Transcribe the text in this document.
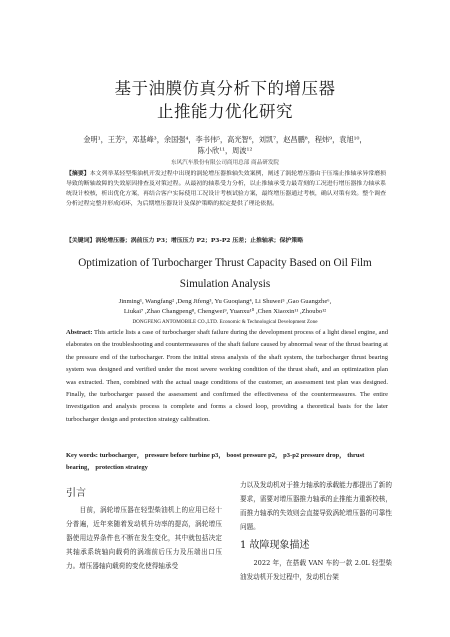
基于油膜仿真分析下的增压器
止推能力优化研究
金明¹，王芳²，邓基峰³，余国强⁴，李书伟⁵，高光智⁶，刘凯⁷，赵昌鹏⁸，程炜⁹，袁旭¹⁰，
陈小欣¹¹，周波¹²
东风汽车股份有限公司商用总部 商品研发院
【摘要】本文列举某轻型柴油机开发过程中出现的涡轮增压器推轴失效案例，阐述了涡轮增压器由于压端止推轴承异常磨损导致的断轴故障的失效原因排查及对策过程。从最初的轴系受力分析，以止推轴承受力最苛刻的工况进行增压器推力轴承系统设计校核，析出优化方案，再结合客户实际使用工况设计考核试验方案，最终增压器通过考核，确认对策有效。整个调查分析过程完整并形成闭环，为后期增压器设计及保护策略的拟定提供了理论依据。
【关键词】涡轮增压器；涡前压力 P3；增压压力 P2；P3-P2 压差；止推轴承；保护策略
Optimization of Turbocharger Thrust Capacity Based on Oil Film
Simulation Analysis
Jinming¹, Wangfang² ,Deng Jifeng³, Yu Guoqiang⁴, Li Shuwei⁵ ,Gao Guangzhe⁶,
Liukai⁷ ,Zhao Changpeng⁸, Chengwei⁹, Yuanxu¹⁰ ,Chen Xiaoxin¹¹ ,Zhoubo¹²
DONGFENG ANTOMOBILE CO.,LTD. Economic & Technological Development Zone
Abstract: This article lists a case of turbocharger shaft failure during the development process of a light diesel engine, and elaborates on the troubleshooting and countermeasures of the shaft failure caused by abnormal wear of the thrust bearing at the pressure end of the turbocharger. From the initial stress analysis of the shaft system, the turbocharger thrust bearing system was designed and verified under the most severe working condition of the thrust shaft, and an optimization plan was extracted. Then, combined with the actual usage conditions of the customer, an assessment test plan was designed. Finally, the turbocharger passed the assessment and confirmed the effectiveness of the countermeasures. The entire investigation and analysis process is complete and forms a closed loop, providing a theoretical basis for the later turbocharger design and protection strategy calibration.
Key words: turbocharger， pressure before turbine p3， boost pressure p2， p3-p2 pressure drop， thrust bearing， protection strategy
引言
　　目前，涡轮增压器在轻型柴油机上的应用已经十分普遍，近年来随着发动机升功率的提高，涡轮增压器使用边界条件也不断在发生变化，其中就包括决定其轴承系统轴向载荷的涡端前后压力及压端出口压力。增压器轴向载荷的变化使得轴承受
力以及发动机对于推力轴承的承载能力都提出了新的要求，需要对增压器推力轴承的止推能力重新校核，而推力轴承的失效则会直接导致涡轮增压器的可靠性问题。
1 故障现象描述
　　2022 年，在搭载 VAN 车的一款 2.0L 轻型柴油发动机开发过程中，发动机台架
